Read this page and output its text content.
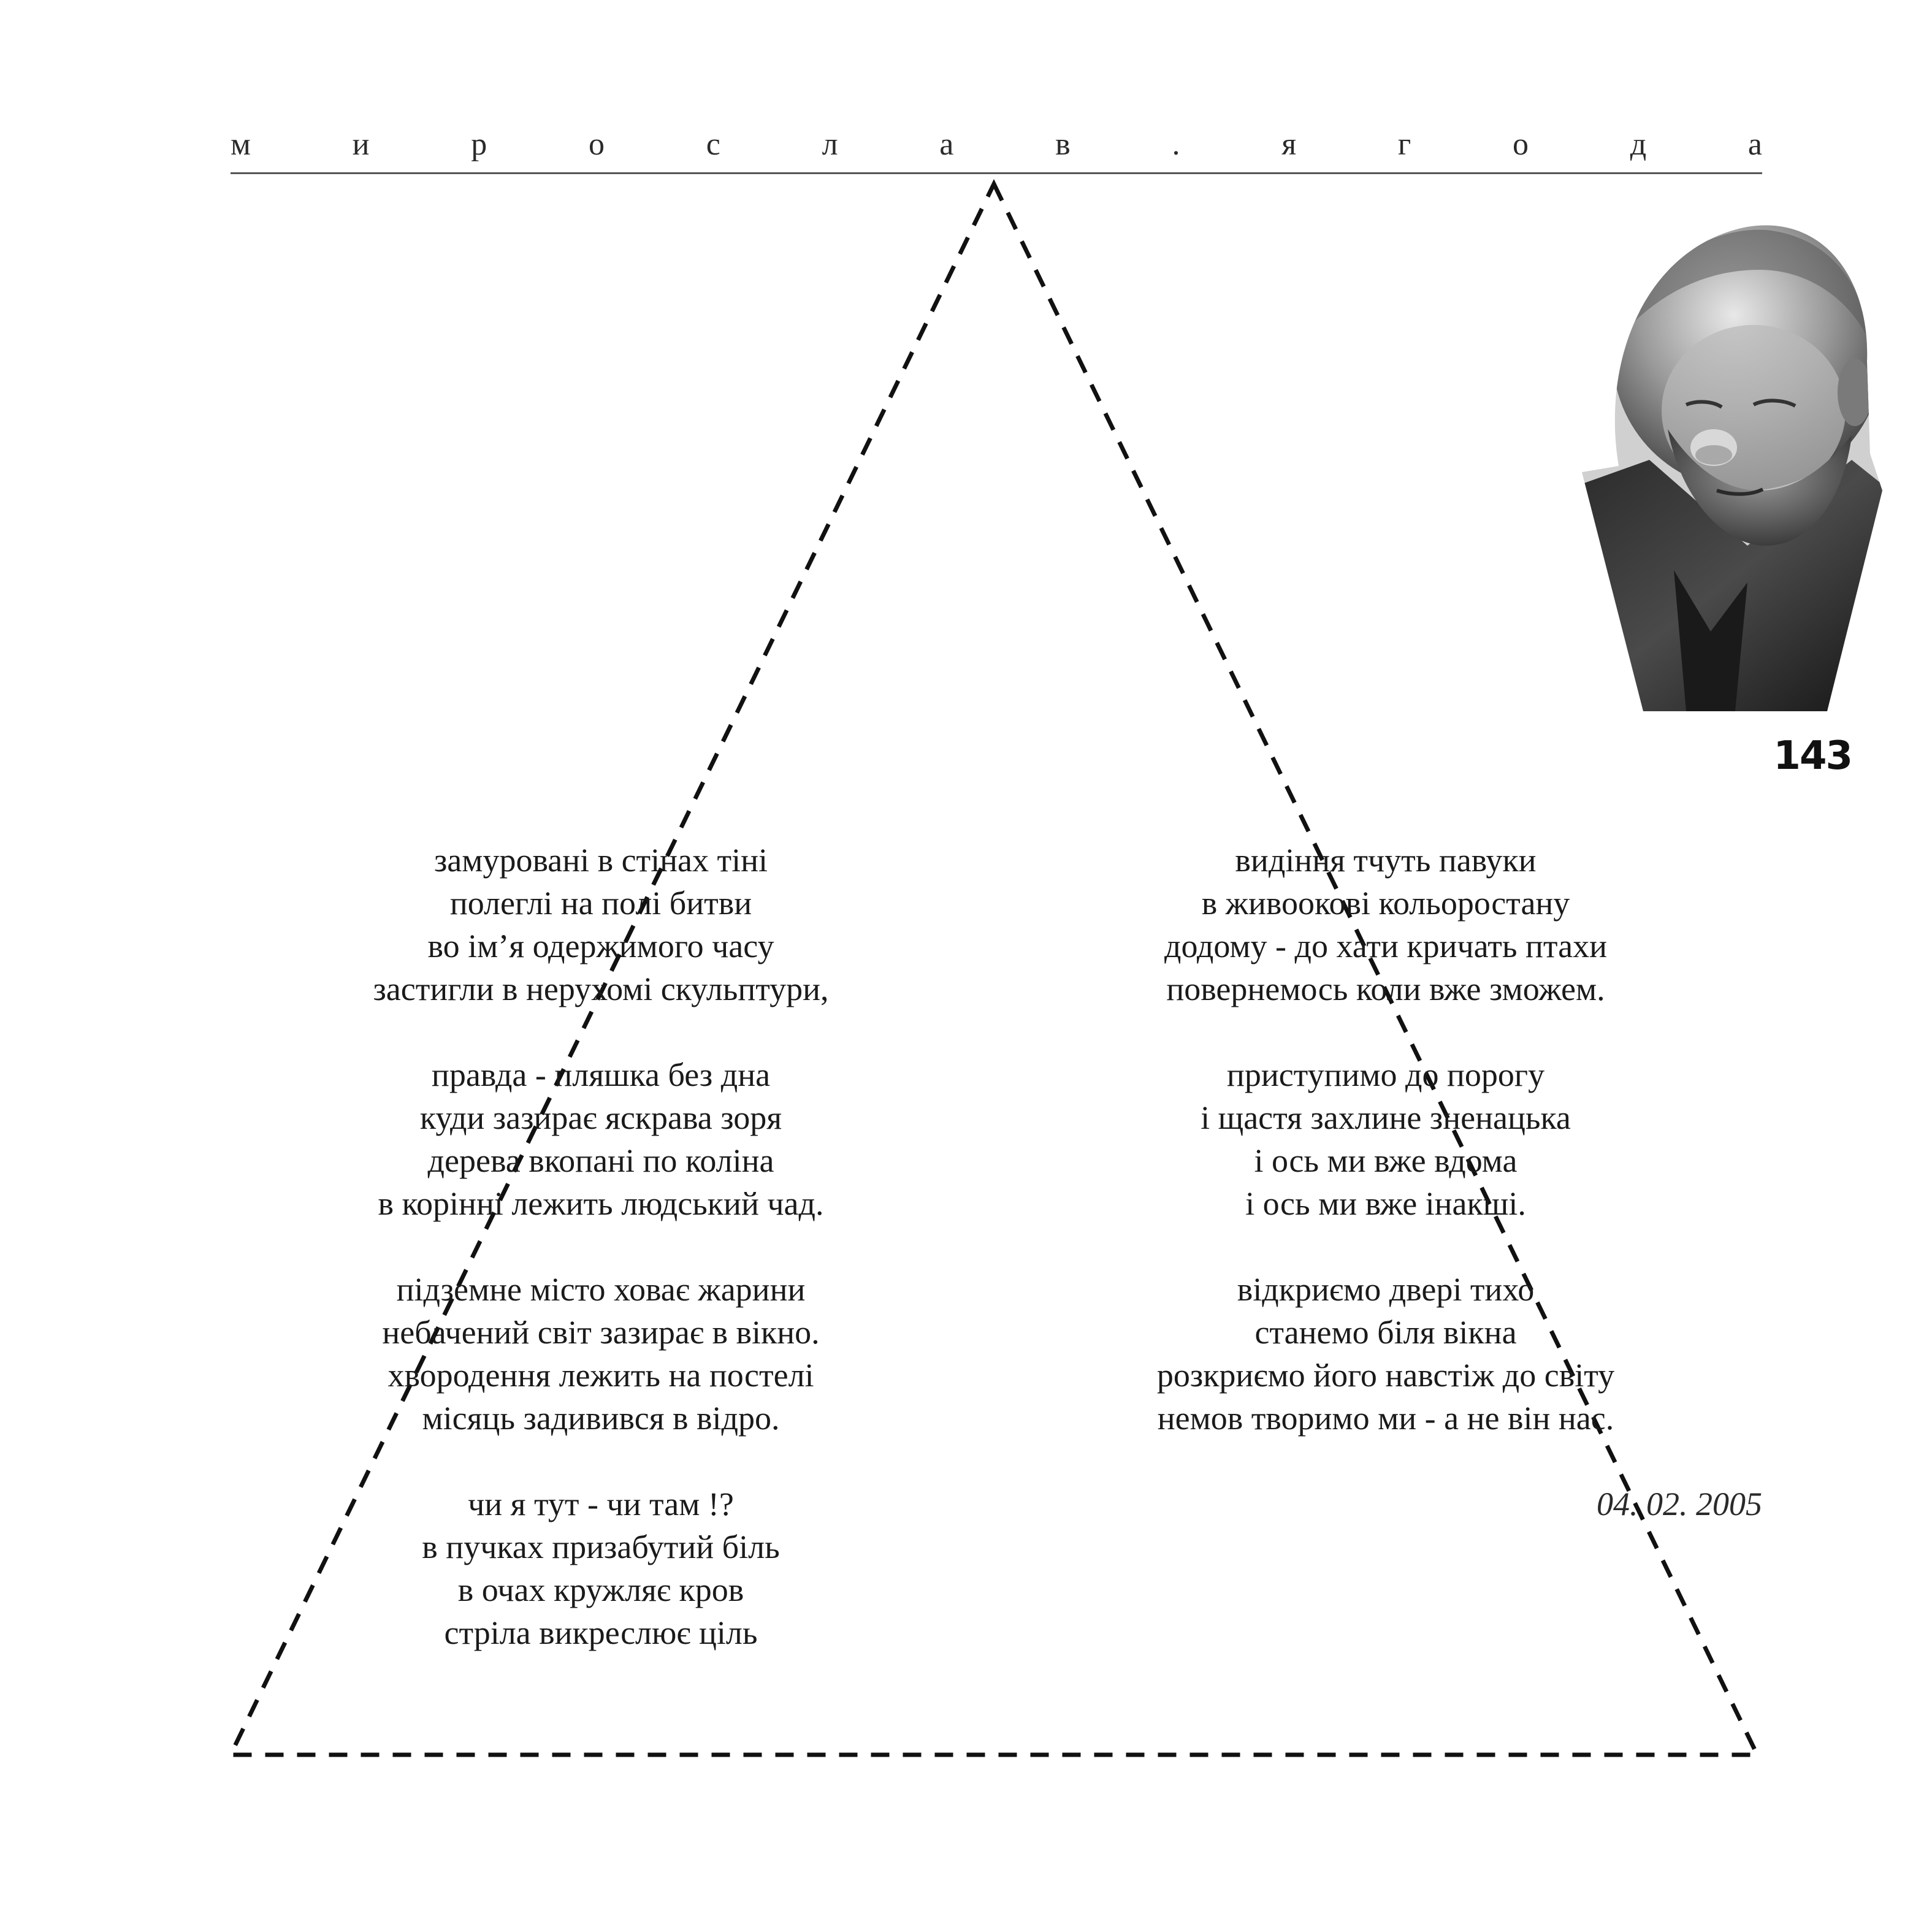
м	и	р	о	с	л	а	в	.	я	г	о	д	а
143
замуровані в стінах тіні
полеглі на полі битви
во ім’я одержимого часу
застигли в нерухомі скульптури,
правда - пляшка без дна
куди зазирає яскрава зоря
дерева вкопані по коліна
в корінні лежить людський чад.
підземне місто ховає жарини
небачений світ зазирає в вікно.
хвородення лежить на постелі
місяць задивився в відро.
чи я тут - чи там !?
в пучках призабутий біль
в очах кружляє кров
стріла викреслює ціль
видіння тчуть павуки
в живоокові кольоростану
додому - до хати кричать птахи
повернемось коли вже зможем.
приступимо до порогу
і щастя захлине зненацька
і ось ми вже вдома
і ось ми вже інакші.
відкриємо двері тихо
станемо біля вікна
розкриємо його навстіж до світу
немов творимо ми - а не він нас.
04. 02. 2005
